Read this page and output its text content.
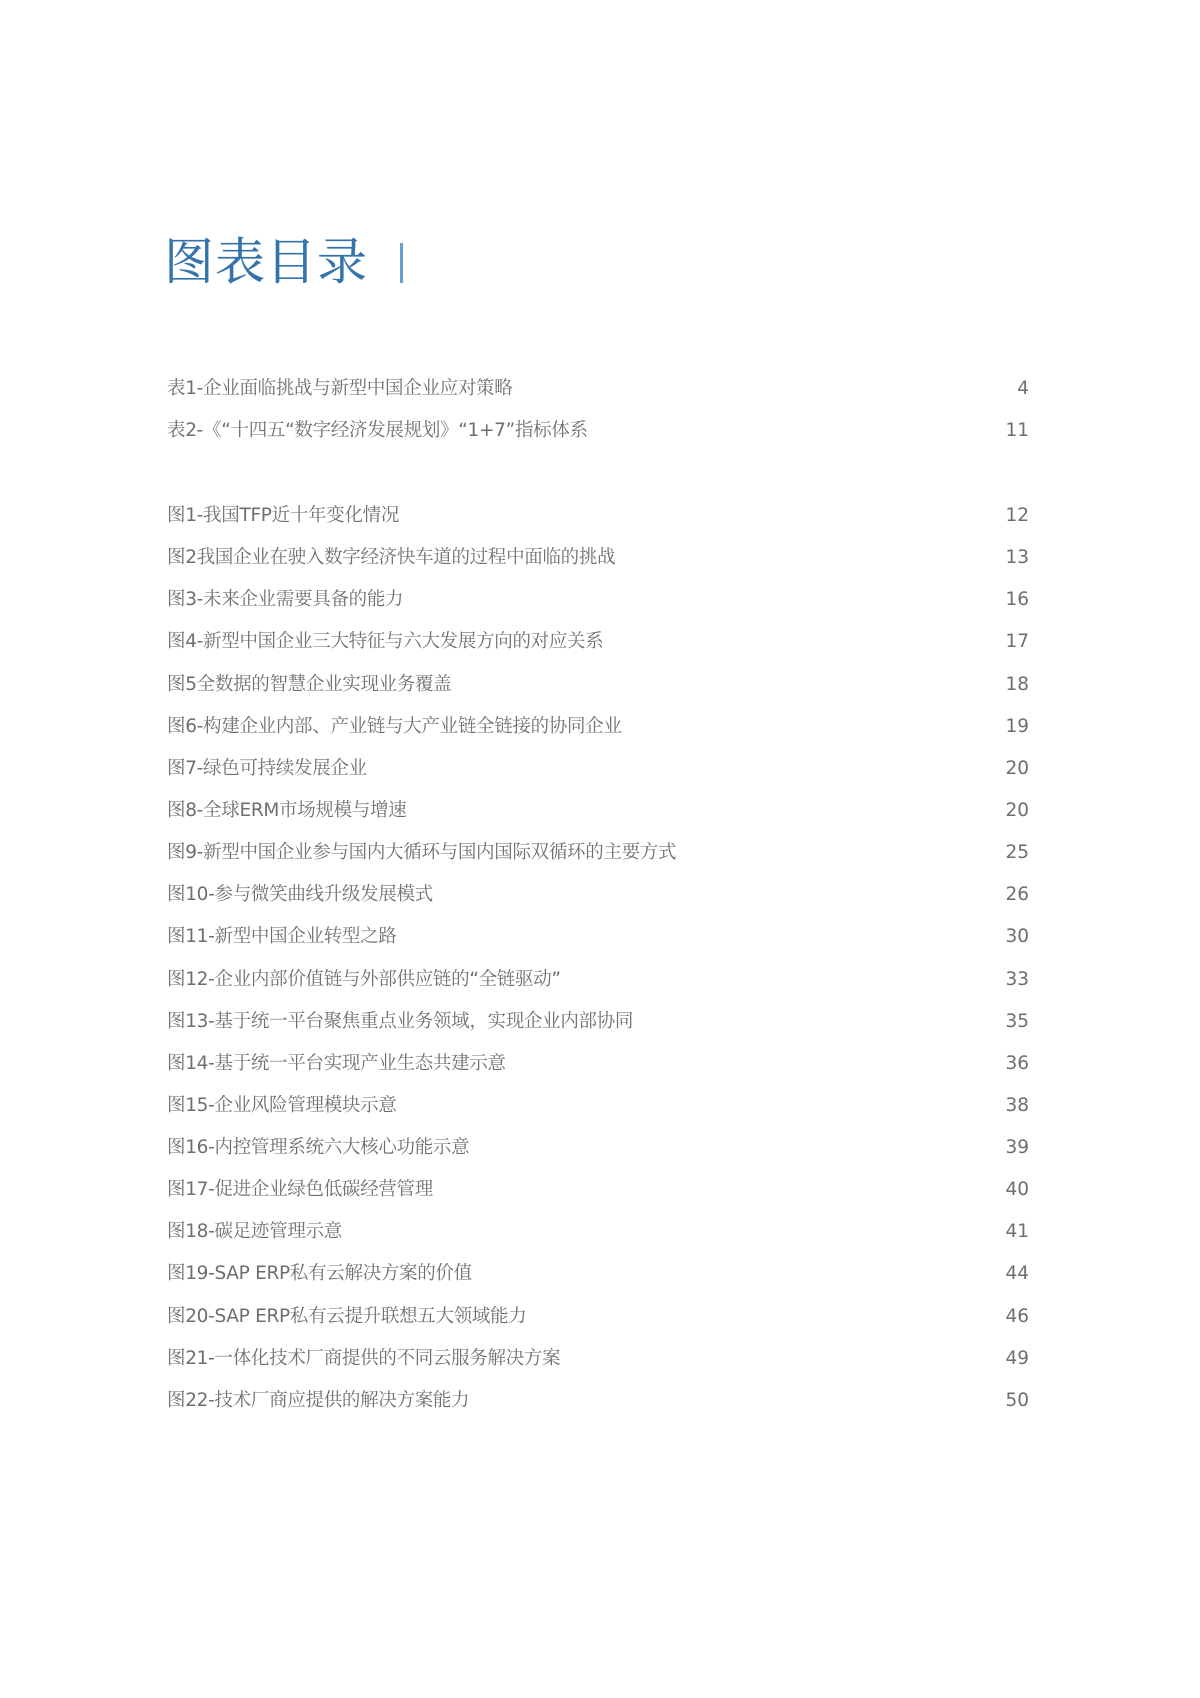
图表目录
表1-企业面临挑战与新型中国企业应对策略	4
表2-《“十四五“数字经济发展规划》“1+7”指标体系	11
图1-我国TFP近十年变化情况	12
图2我国企业在驶入数字经济快车道的过程中面临的挑战	13
图3-未来企业需要具备的能力	16
图4-新型中国企业三大特征与六大发展方向的对应关系	17
图5全数据的智慧企业实现业务覆盖	18
图6-构建企业内部、产业链与大产业链全链接的协同企业	19
图7-绿色可持续发展企业	20
图8-全球ERM市场规模与增速	20
图9-新型中国企业参与国内大循环与国内国际双循环的主要方式	25
图10-参与微笑曲线升级发展模式	26
图11-新型中国企业转型之路	30
图12-企业内部价值链与外部供应链的“全链驱动”	33
图13-基于统一平台聚焦重点业务领域，实现企业内部协同	35
图14-基于统一平台实现产业生态共建示意	36
图15-企业风险管理模块示意	38
图16-内控管理系统六大核心功能示意	39
图17-促进企业绿色低碳经营管理	40
图18-碳足迹管理示意	41
图19-SAP ERP私有云解决方案的价值	44
图20-SAP ERP私有云提升联想五大领域能力	46
图21-一体化技术厂商提供的不同云服务解决方案	49
图22-技术厂商应提供的解决方案能力	50
